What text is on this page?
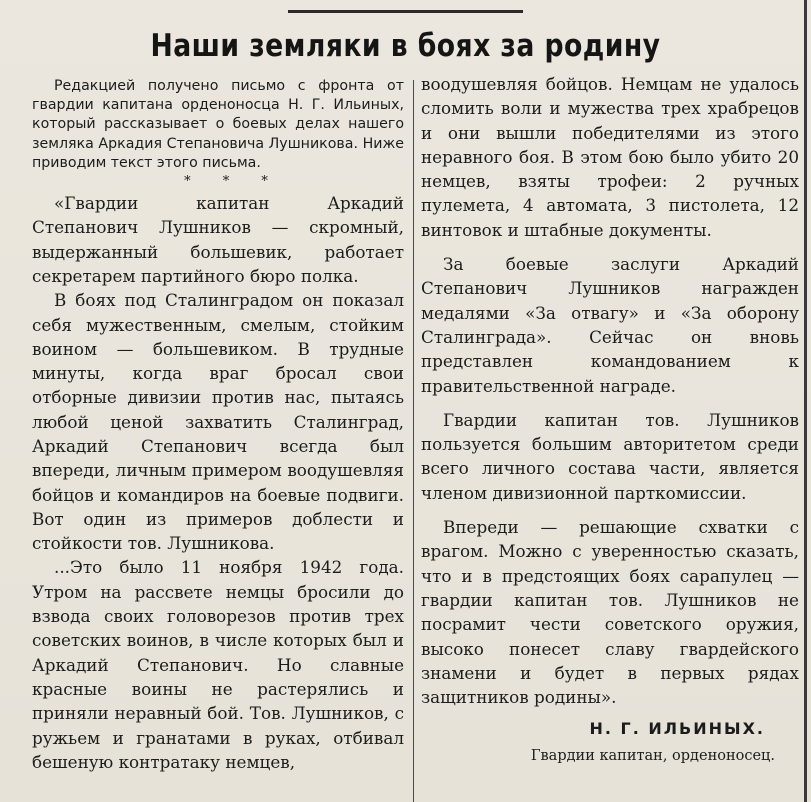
Наши земляки в боях за родину

Редакцией получено письмо с фронта от гвардии капитана орденоносца Н. Г. Ильиных, который рассказывает о боевых делах нашего земляка Аркадия Степановича Лушникова. Ниже приводим текст этого письма.

* * *

«Гвардии капитан Аркадий Степанович Лушников — скромный, выдержанный большевик, работает секретарем партийного бюро полка.

В боях под Сталинградом он показал себя мужественным, смелым, стойким воином — большевиком. В трудные минуты, когда враг бросал свои отборные дивизии против нас, пытаясь любой ценой захватить Сталинград, Аркадий Степанович всегда был впереди, личным примером воодушевляя бойцов и командиров на боевые подвиги. Вот один из примеров доблести и стойкости тов. Лушникова.

...Это было 11 ноября 1942 года. Утром на рассвете немцы бросили до взвода своих головорезов против трех советских воинов, в числе которых был и Аркадий Степанович. Но славные красные воины не растерялись и приняли неравный бой. Тов. Лушников, с ружьем и гранатами в руках, отбивал бешеную контратаку немцев,

воодушевляя бойцов. Немцам не удалось сломить воли и мужества трех храбрецов и они вышли победителями из этого неравного боя. В этом бою было убито 20 немцев, взяты трофеи: 2 ручных пулемета, 4 автомата, 3 пистолета, 12 винтовок и штабные документы.

За боевые заслуги Аркадий Степанович Лушников награжден медалями «За отвагу» и «За оборону Сталинграда». Сейчас он вновь представлен командованием к правительственной награде.

Гвардии капитан тов. Лушников пользуется большим авторитетом среди всего личного состава части, является членом дивизионной парткомиссии.

Впереди — решающие схватки с врагом. Можно с уверенностью сказать, что и в предстоящих боях сарапулец — гвардии капитан тов. Лушников не посрамит чести советского оружия, высоко понесет славу гвардейского знамени и будет в первых рядах защитников родины».

Н. Г. ИЛЬИНЫХ.
Гвардии капитан, орденоносец.
